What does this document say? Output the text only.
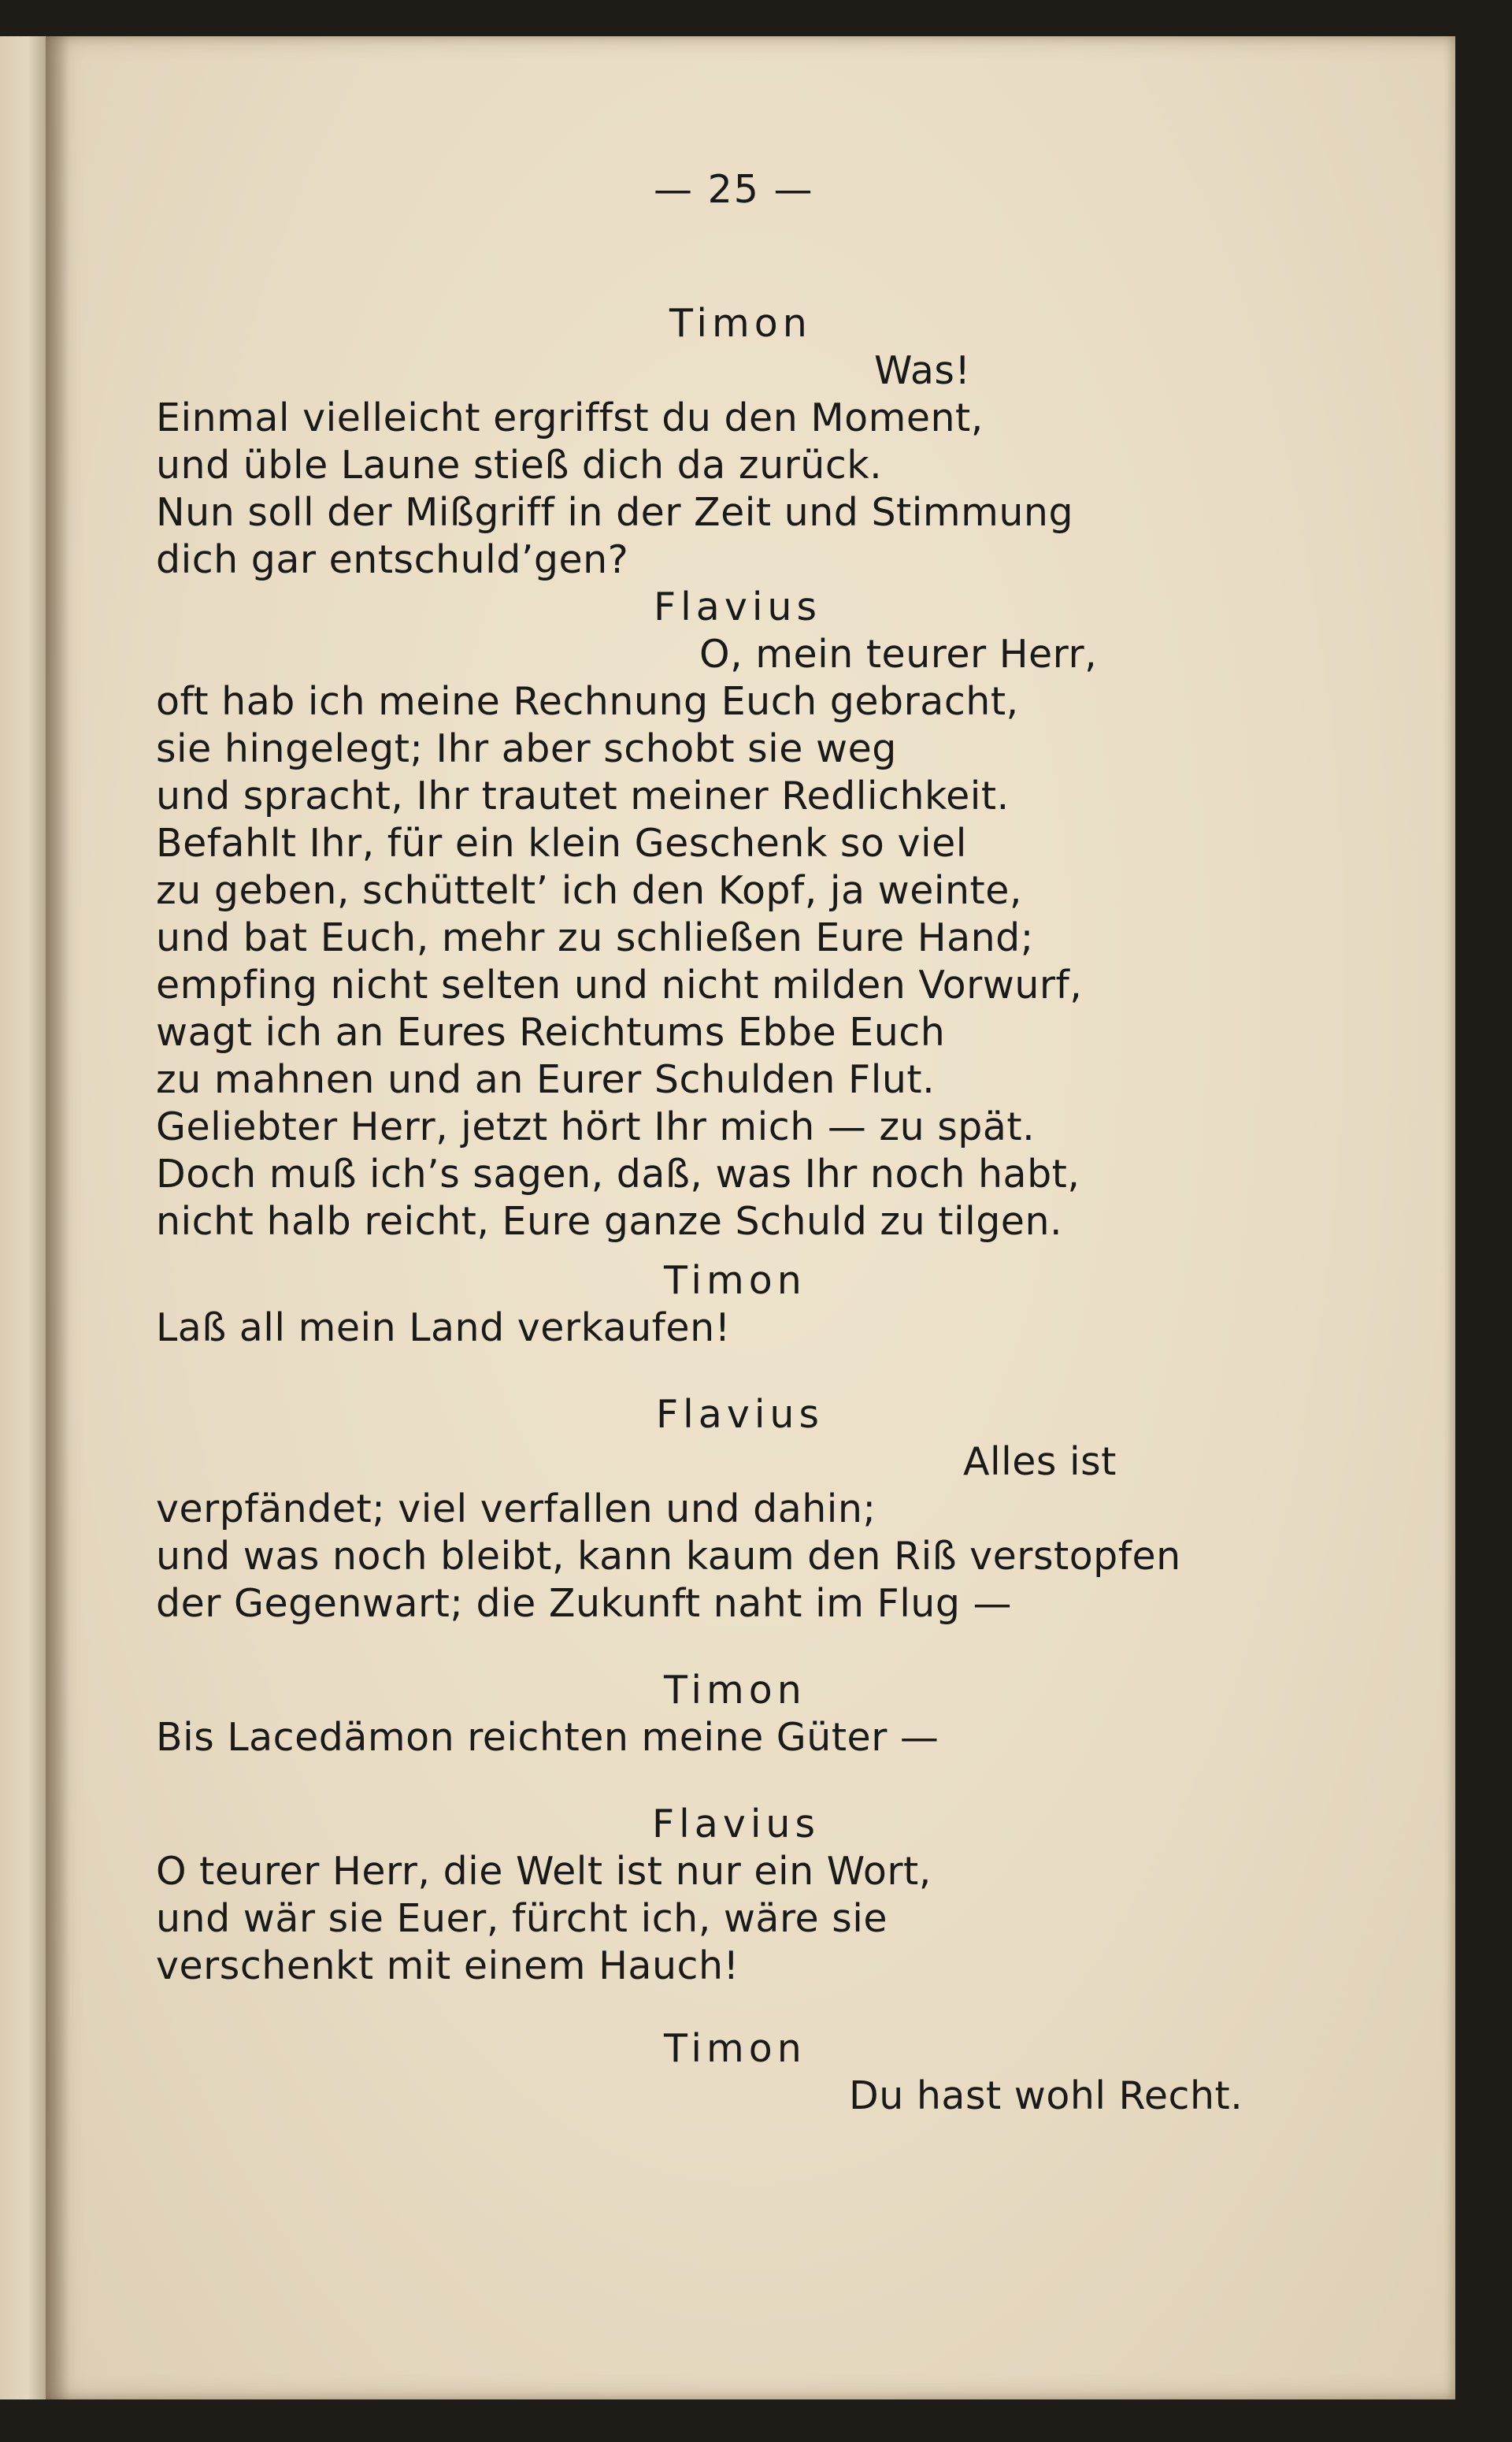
— 25 —
Timon
Was!
Einmal vielleicht ergriffst du den Moment,
und üble Laune stieß dich da zurück.
Nun soll der Mißgriff in der Zeit und Stimmung
dich gar entschuld’gen?
Flavius
O, mein teurer Herr,
oft hab ich meine Rechnung Euch gebracht,
sie hingelegt; Ihr aber schobt sie weg
und spracht, Ihr trautet meiner Redlichkeit.
Befahlt Ihr, für ein klein Geschenk so viel
zu geben, schüttelt’ ich den Kopf, ja weinte,
und bat Euch, mehr zu schließen Eure Hand;
empfing nicht selten und nicht milden Vorwurf,
wagt ich an Eures Reichtums Ebbe Euch
zu mahnen und an Eurer Schulden Flut.
Geliebter Herr, jetzt hört Ihr mich — zu spät.
Doch muß ich’s sagen, daß, was Ihr noch habt,
nicht halb reicht, Eure ganze Schuld zu tilgen.
Timon
Laß all mein Land verkaufen!
Flavius
Alles ist
verpfändet; viel verfallen und dahin;
und was noch bleibt, kann kaum den Riß verstopfen
der Gegenwart; die Zukunft naht im Flug —
Timon
Bis Lacedämon reichten meine Güter —
Flavius
O teurer Herr, die Welt ist nur ein Wort,
und wär sie Euer, fürcht ich, wäre sie
verschenkt mit einem Hauch!
Timon
Du hast wohl Recht.
